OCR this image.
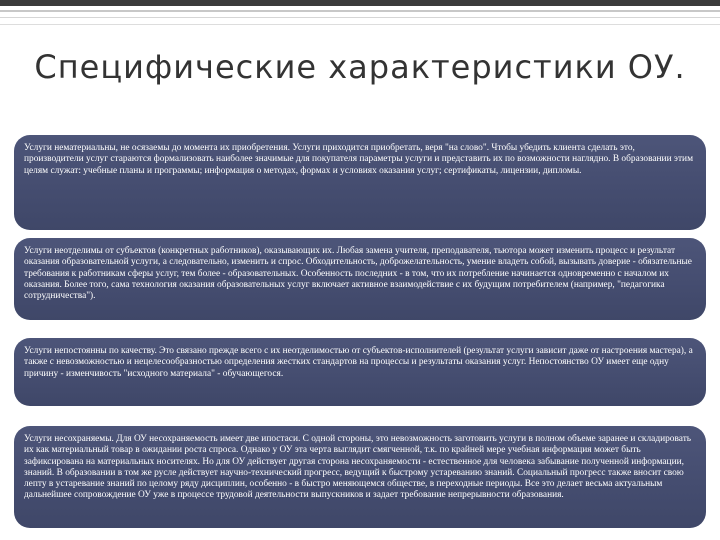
Специфические характеристики ОУ.

Услуги нематериальны, не осязаемы до момента их приобретения. Услуги приходится приобретать, веря "на слово". Чтобы убедить клиента сделать это, производители услуг стараются формализовать наиболее значимые для покупателя параметры услуги и представить их по возможности наглядно. В образовании этим целям служат: учебные планы и программы; информация о методах, формах и условиях оказания услуг; сертификаты, лицензии, дипломы.

Услуги неотделимы от субъектов (конкретных работников), оказывающих их. Любая замена учителя, преподавателя, тьютора может изменить процесс и результат оказания образовательной услуги, а следовательно, изменить и спрос. Обходительность, доброжелательность, умение владеть собой, вызывать доверие - обязательные требования к работникам сферы услуг, тем более - образовательных. Особенность последних - в том, что их потребление начинается одновременно с началом их оказания. Более того, сама технология оказания образовательных услуг включает активное взаимодействие с их будущим потребителем (например, "педагогика сотрудничества").

Услуги непостоянны по качеству. Это связано прежде всего с их неотделимостью от субъектов-исполнителей (результат услуги зависит даже от настроения мастера), а также с невозможностью и нецелесообразностью определения жестких стандартов на процессы и результаты оказания услуг. Непостоянство ОУ имеет еще одну причину - изменчивость "исходного материала" - обучающегося.

Услуги несохраняемы. Для ОУ несохраняемость имеет две ипостаси. С одной стороны, это невозможность заготовить услуги в полном объеме заранее и складировать их как материальный товар в ожидании роста спроса. Однако у ОУ эта черта выглядит смягченной, т.к. по крайней мере учебная информация может быть зафиксирована на материальных носителях. Но для ОУ действует другая сторона несохраняемости - естественное для человека забывание полученной информации, знаний. В образовании в том же русле действует научно-технический прогресс, ведущий к быстрому устареванию знаний. Социальный прогресс также вносит свою лепту в устаревание знаний по целому ряду дисциплин, особенно - в быстро меняющемся обществе, в переходные периоды. Все это делает весьма актуальным дальнейшее сопровождение ОУ уже в процессе трудовой деятельности выпускников и задает требование непрерывности образования.
